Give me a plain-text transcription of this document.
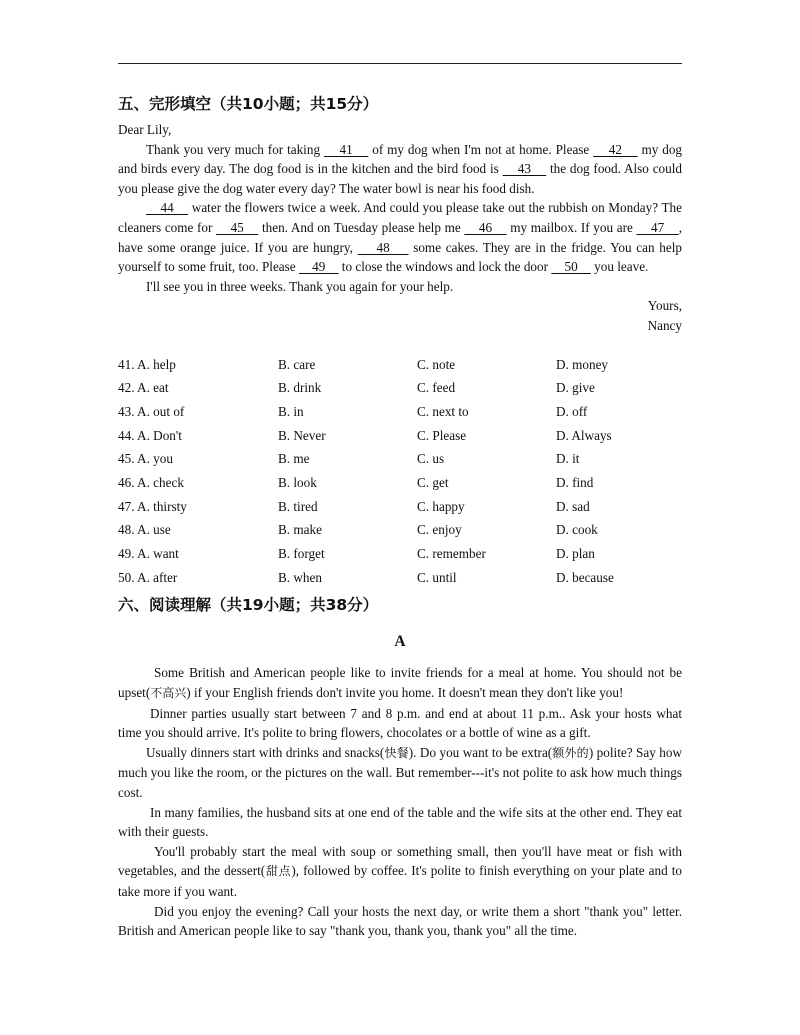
五、完形填空（共10小题；共15分）

Dear Lily,

Thank you very much for taking     41     of my dog when I'm not at home. Please     42     my dog and birds every day. The dog food is in the kitchen and the bird food is     43     the dog food. Also could you please give the dog water every day? The water bowl is near his food dish.

44     water the flowers twice a week. And could you please take out the rubbish on Monday? The cleaners come for     45     then. And on Tuesday please help me     46     my mailbox. If you are     47    , have some orange juice. If you are hungry,     48     some cakes. They are in the fridge. You can help yourself to some fruit, too. Please     49     to close the windows and lock the door     50     you leave.

I'll see you in three weeks. Thank you again for your help.

Yours,

Nancy

41. A. help	B. care	C. note	D. money
42. A. eat	B. drink	C. feed	D. give
43. A. out of	B. in	C. next to	D. off
44. A. Don't	B. Never	C. Please	D. Always
45. A. you	B. me	C. us	D. it
46. A. check	B. look	C. get	D. find
47. A. thirsty	B. tired	C. happy	D. sad
48. A. use	B. make	C. enjoy	D. cook
49. A. want	B. forget	C. remember	D. plan
50. A. after	B. when	C. until	D. because
六、阅读理解（共19小题；共38分）
A

Some British and American people like to invite friends for a meal at home. You should not be upset(不高兴) if your English friends don't invite you home. It doesn't mean they don't like you!

Dinner parties usually start between 7 and 8 p.m. and end at about 11 p.m.. Ask your hosts what time you should arrive. It's polite to bring flowers, chocolates or a bottle of wine as a gift.

Usually dinners start with drinks and snacks(快餐). Do you want to be extra(额外的) polite? Say how much you like the room, or the pictures on the wall. But remember---it's not polite to ask how much things cost.

In many families, the husband sits at one end of the table and the wife sits at the other end. They eat with their guests.

You'll probably start the meal with soup or something small, then you'll have meat or fish with vegetables, and the dessert(甜点), followed by coffee. It's polite to finish everything on your plate and to take more if you want.

Did you enjoy the evening? Call your hosts the next day, or write them a short "thank you" letter. British and American people like to say "thank you, thank you, thank you" all the time.
